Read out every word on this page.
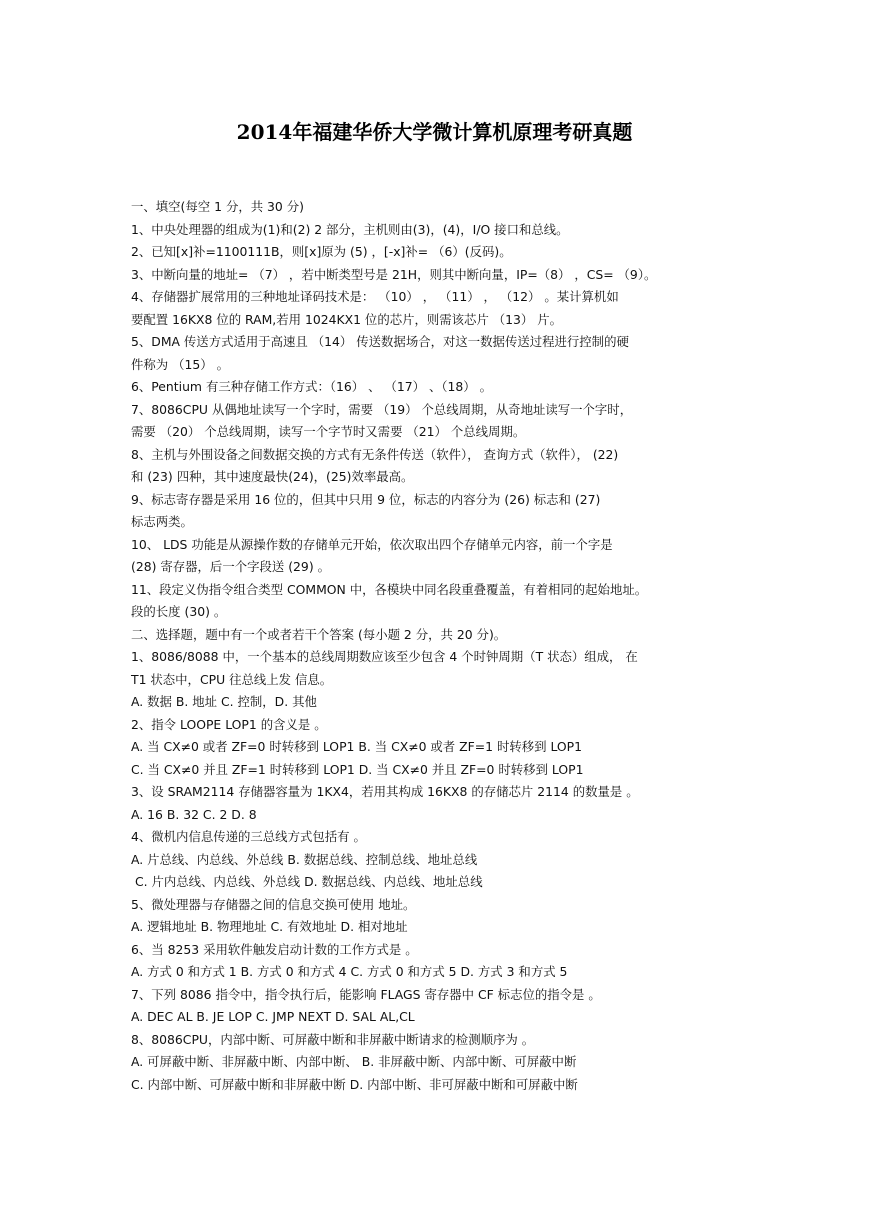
2014年福建华侨大学微计算机原理考研真题
一、填空(每空 1 分，共 30 分)
1、中央处理器的组成为(1)和(2) 2 部分，主机则由(3)，(4)，I/O 接口和总线。
2、已知[x]补=1100111B，则[x]原为 (5) ，[-x]补= （6）(反码)。
3、中断向量的地址= （7） ，若中断类型号是 21H，则其中断向量，IP=（8） ，CS= （9）。
4、存储器扩展常用的三种地址译码技术是： （10） ， （11） ， （12） 。某计算机如
要配置 16KX8 位的 RAM,若用 1024KX1 位的芯片，则需该芯片 （13） 片。
5、DMA 传送方式适用于高速且 （14） 传送数据场合，对这一数据传送过程进行控制的硬
件称为 （15） 。
6、Pentium 有三种存储工作方式：（16） 、 （17） 、（18） 。
7、8086CPU 从偶地址读写一个字时，需要 （19） 个总线周期，从奇地址读写一个字时，
需要 （20） 个总线周期，读写一个字节时又需要 （21） 个总线周期。
8、主机与外围设备之间数据交换的方式有无条件传送（软件）， 查询方式（软件）， (22)
和 (23) 四种，其中速度最快(24)，(25)效率最高。
9、标志寄存器是采用 16 位的，但其中只用 9 位，标志的内容分为 (26) 标志和 (27)
标志两类。
10、 LDS 功能是从源操作数的存储单元开始，依次取出四个存储单元内容，前一个字是
(28) 寄存器，后一个字段送 (29) 。
11、段定义伪指令组合类型 COMMON 中，各模块中同名段重叠覆盖，有着相同的起始地址。
段的长度 (30) 。
二、选择题，题中有一个或者若干个答案 (每小题 2 分，共 20 分)。
1、8086/8088 中，一个基本的总线周期数应该至少包含 4 个时钟周期（T 状态）组成， 在
T1 状态中，CPU 往总线上发 信息。
A. 数据 B. 地址 C. 控制，D. 其他
2、指令 LOOPE LOP1 的含义是 。
A. 当 CX≠0 或者 ZF=0 时转移到 LOP1 B. 当 CX≠0 或者 ZF=1 时转移到 LOP1
C. 当 CX≠0 并且 ZF=1 时转移到 LOP1 D. 当 CX≠0 并且 ZF=0 时转移到 LOP1
3、设 SRAM2114 存储器容量为 1KX4，若用其构成 16KX8 的存储芯片 2114 的数量是 。
A. 16 B. 32 C. 2 D. 8
4、微机内信息传递的三总线方式包括有 。
A. 片总线、内总线、外总线 B. 数据总线、控制总线、地址总线
C. 片内总线、内总线、外总线 D. 数据总线、内总线、地址总线
5、微处理器与存储器之间的信息交换可使用 地址。
A. 逻辑地址 B. 物理地址 C. 有效地址 D. 相对地址
6、当 8253 采用软件触发启动计数的工作方式是 。
A. 方式 0 和方式 1 B. 方式 0 和方式 4 C. 方式 0 和方式 5 D. 方式 3 和方式 5
7、下列 8086 指令中，指令执行后，能影响 FLAGS 寄存器中 CF 标志位的指令是 。
A. DEC AL B. JE LOP C. JMP NEXT D. SAL AL,CL
8、8086CPU，内部中断、可屏蔽中断和非屏蔽中断请求的检测顺序为 。
A. 可屏蔽中断、非屏蔽中断、内部中断、 B. 非屏蔽中断、内部中断、可屏蔽中断
C. 内部中断、可屏蔽中断和非屏蔽中断 D. 内部中断、非可屏蔽中断和可屏蔽中断
